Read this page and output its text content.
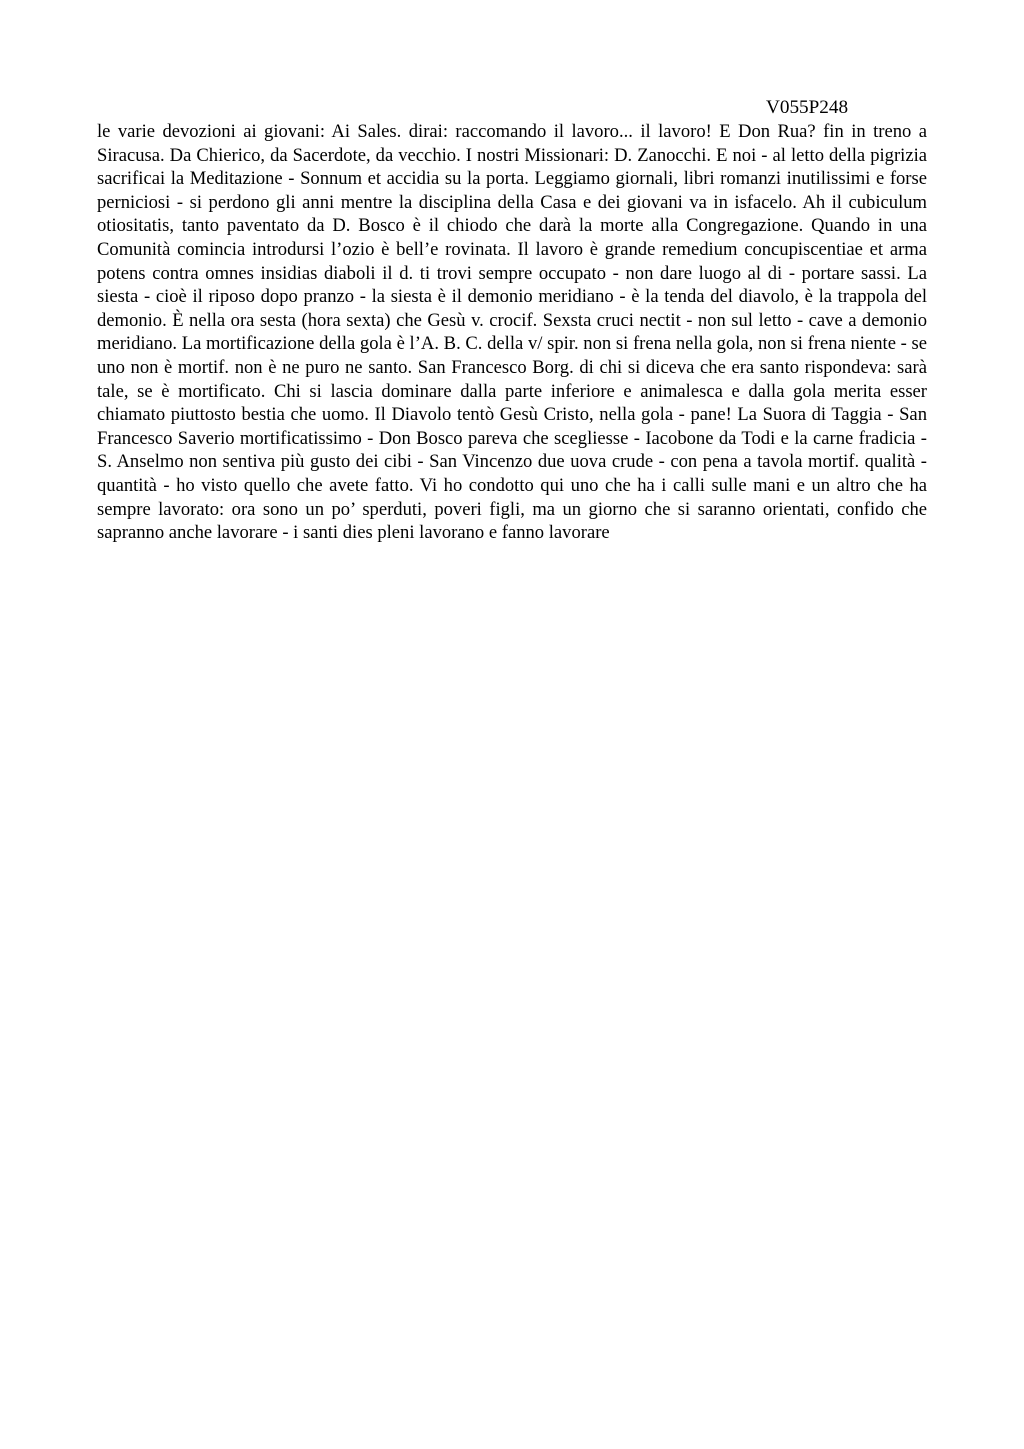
V055P248

le varie devozioni ai giovani: Ai Sales. dirai: raccomando il lavoro... il lavoro! E Don Rua? fin in treno a Siracusa. Da Chierico, da Sacerdote, da vecchio. I nostri Missionari: D. Zanocchi. E noi - al letto della pigrizia sacrificai la Meditazione - Sonnum et accidia su la porta. Leggiamo giornali, libri romanzi inutilissimi e forse perniciosi - si perdono gli anni mentre la disciplina della Casa e dei giovani va in isfacelo. Ah il cubiculum otiositatis, tanto paventato da D. Bosco è il chiodo che darà la morte alla Congregazione. Quando in una Comunità comincia introdursi l’ozio è bell’e rovinata. Il lavoro è grande remedium concupiscentiae et arma potens contra omnes insidias diaboli il d. ti trovi sempre occupato - non dare luogo al di - portare sassi. La siesta - cioè il riposo dopo pranzo - la siesta è il demonio meridiano - è la tenda del diavolo, è la trappola del demonio. È nella ora sesta (hora sexta) che Gesù v. crocif. Sexsta cruci nectit - non sul letto - cave a demonio meridiano. La mortificazione della gola è l’A. B. C. della v/ spir. non si frena nella gola, non si frena niente - se uno non è mortif. non è ne puro ne santo. San Francesco Borg. di chi si diceva che era santo rispondeva: sarà tale, se è mortificato. Chi si lascia dominare dalla parte inferiore e animalesca e dalla gola merita esser chiamato piuttosto bestia che uomo. Il Diavolo tentò Gesù Cristo, nella gola - pane! La Suora di Taggia - San Francesco Saverio mortificatissimo - Don Bosco pareva che scegliesse - Iacobone da Todi e la carne fradicia - S. Anselmo non sentiva più gusto dei cibi - San Vincenzo due uova crude - con pena a tavola mortif. qualità - quantità - ho visto quello che avete fatto. Vi ho condotto qui uno che ha i calli sulle mani e un altro che ha sempre lavorato: ora sono un po’ sperduti, poveri figli, ma un giorno che si saranno orientati, confido che sapranno anche lavorare - i santi dies pleni lavorano e fanno lavorare
